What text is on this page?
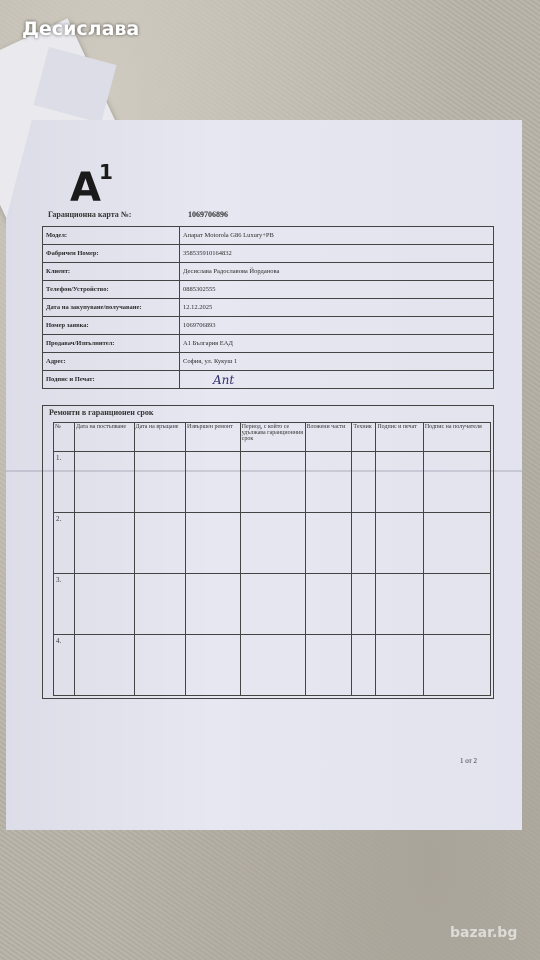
Десислава
$A^1$
Гаранционна карта №:	1069706896
Модел:	Апарат Motorola G86 Luxury+PB
Фабричен Номер:	358535910164832
Клиент:	Десислава Радославова Йорданова
Телефон/Устройство:	0885302555
Дата на закупуване/получаване:	12.12.2025
Номер заявка:	1069706893
Продавач/Изпълнител:	А1 България ЕАД
Адрес:	София, ул. Кукуш 1
Подпис и Печат:	Ant
Ремонти в гаранционен срок
№	Дата на постъпване	Дата на връщане	Извършен ремонт	Период, с който се удължава гаранционния срок	Вложени части	Техник	Подпис и печат	Подпис на получателя
1.								
2.								
3.								
4.								
1 от 2
bazar.bg
